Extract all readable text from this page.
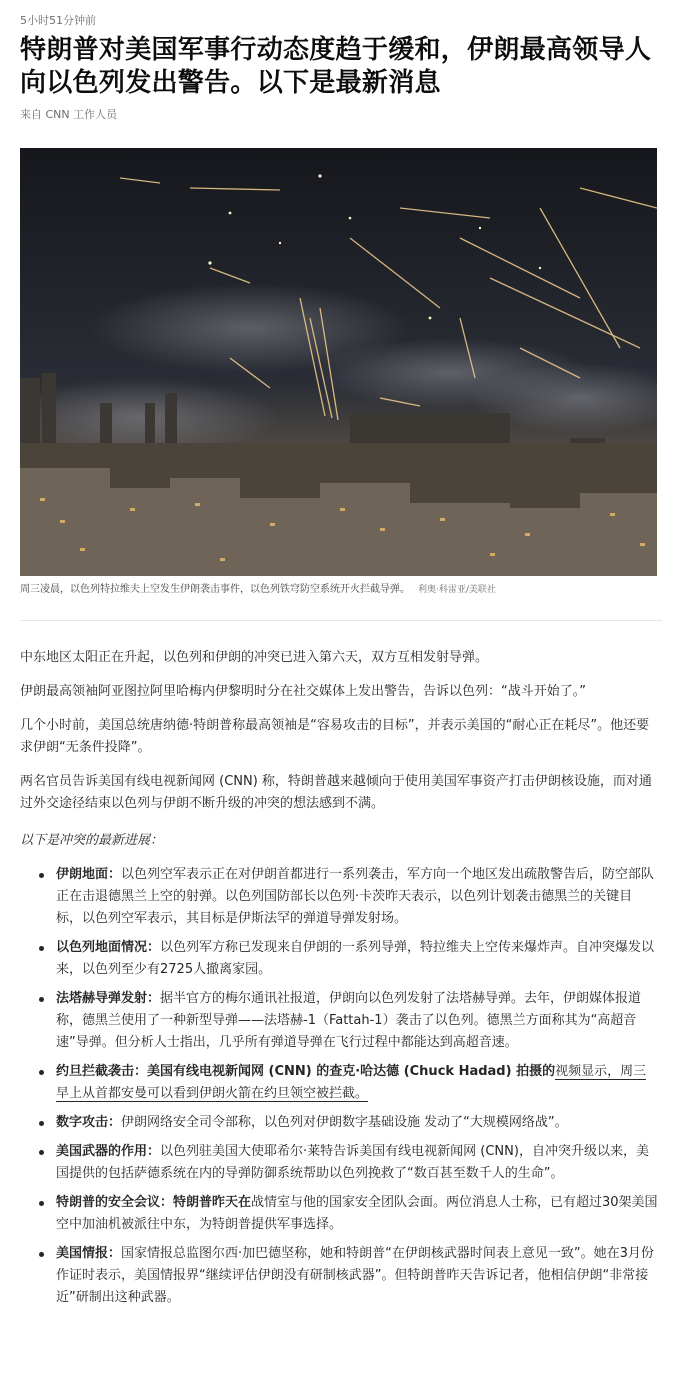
5小时51分钟前
特朗普对美国军事行动态度趋于缓和，伊朗最高领导人向以色列发出警告。以下是最新消息
来自 CNN 工作人员
周三凌晨，以色列特拉维夫上空发生伊朗袭击事件，以色列铁穹防空系统开火拦截导弹。 利奥·科雷亚/美联社

中东地区太阳正在升起，以色列和伊朗的冲突已进入第六天，双方互相发射导弹。

伊朗最高领袖阿亚图拉阿里哈梅内伊黎明时分在社交媒体上发出警告，告诉以色列：“战斗开始了。”

几个小时前，美国总统唐纳德·特朗普称最高领袖是“容易攻击的目标”，并表示美国的“耐心正在耗尽”。他还要求伊朗“无条件投降”。

两名官员告诉美国有线电视新闻网 (CNN) 称，特朗普越来越倾向于使用美国军事资产打击伊朗核设施，而对通过外交途径结束以色列与伊朗不断升级的冲突的想法感到不满。

以下是冲突的最新进展：
伊朗地面：以色列空军表示正在对伊朗首都进行一系列袭击，军方向一个地区发出疏散警告后，防空部队正在击退德黑兰上空的射弹。以色列国防部长以色列·卡茨昨天表示，以色列计划袭击德黑兰的关键目标，以色列空军表示，其目标是伊斯法罕的弹道导弹发射场。
以色列地面情况：以色列军方称已发现来自伊朗的一系列导弹，特拉维夫上空传来爆炸声。自冲突爆发以来，以色列至少有2725人撤离家园。
法塔赫导弹发射：据半官方的梅尔通讯社报道，伊朗向以色列发射了法塔赫导弹。去年，伊朗媒体报道称，德黑兰使用了一种新型导弹——法塔赫-1（Fattah-1）袭击了以色列。德黑兰方面称其为“高超音速”导弹。但分析人士指出，几乎所有弹道导弹在飞行过程中都能达到高超音速。
约旦拦截袭击：美国有线电视新闻网 (CNN) 的查克·哈达德 (Chuck Hadad) 拍摄的视频显示，周三早上从首都安曼可以看到伊朗火箭在约旦领空被拦截。
数字攻击：伊朗网络安全司令部称，以色列对伊朗数字基础设施 发动了“大规模网络战”。
美国武器的作用：以色列驻美国大使耶希尔·莱特告诉美国有线电视新闻网 (CNN)，自冲突升级以来，美国提供的包括萨德系统在内的导弹防御系统帮助以色列挽救了“数百甚至数千人的生命”。
特朗普的安全会议：特朗普昨天在战情室与他的国家安全团队会面。两位消息人士称，已有超过30架美国空中加油机被派往中东，为特朗普提供军事选择。
美国情报：国家情报总监图尔西·加巴德坚称，她和特朗普“在伊朗核武器时间表上意见一致”。她在3月份作证时表示，美国情报界“继续评估伊朗没有研制核武器”。但特朗普昨天告诉记者，他相信伊朗“非常接近”研制出这种武器。
